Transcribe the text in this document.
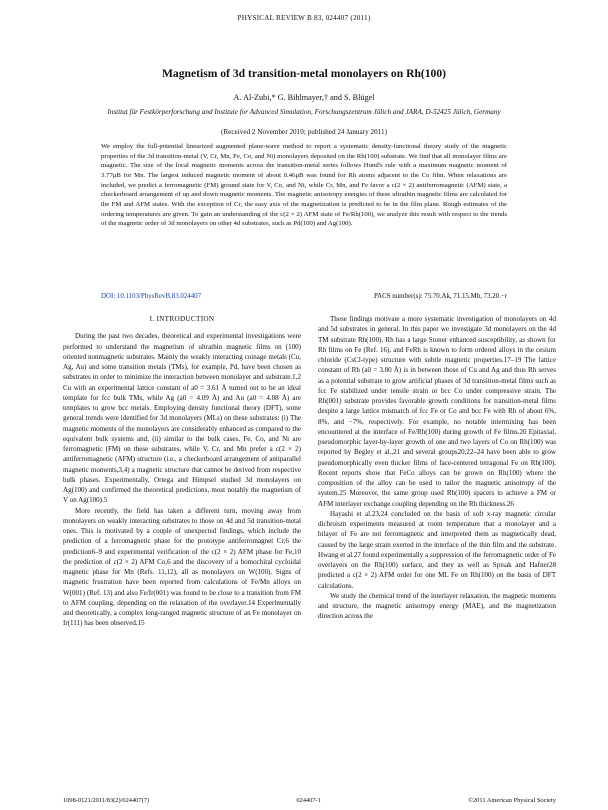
PHYSICAL REVIEW B 83, 024407 (2011)
Magnetism of 3d transition-metal monolayers on Rh(100)
A. Al-Zubi,* G. Bihlmayer,† and S. Blügel
Institut für Festkörperforschung and Institute for Advanced Simulation, Forschungszentrum Jülich and JARA, D-52425 Jülich, Germany
(Received 2 November 2010; published 24 January 2011)
We employ the full-potential linearized augmented plane-wave method to report a systematic density-functional theory study of the magnetic properties of the 3d transition-metal (V, Cr, Mn, Fe, Co, and Ni) monolayers deposited on the Rh(100) substrate. We find that all monolayer films are magnetic. The size of the local magnetic moments across the transition-metal series follows Hund's rule with a maximum magnetic moment of 3.77μB for Mn. The largest induced magnetic moment of about 0.46μB was found for Rh atoms adjacent to the Co film. When relaxations are included, we predict a ferromagnetic (FM) ground state for V, Co, and Ni, while Cr, Mn, and Fe favor a c(2 × 2) antiferromagnetic (AFM) state, a checkerboard arrangement of up and down magnetic moments. The magnetic anisotropy energies of these ultrathin magnetic films are calculated for the FM and AFM states. With the exception of Cr, the easy axis of the magnetization is predicted to be in the film plane. Rough estimates of the ordering temperatures are given. To gain an understanding of the c(2 × 2) AFM state of Fe/Rh(100), we analyze this result with respect to the trends of the magnetic order of 3d monolayers on other 4d substrates, such as Pd(100) and Ag(100).
DOI: 10.1103/PhysRevB.83.024407	PACS number(s): 75.70.Ak, 71.15.Mb, 73.20.−r
I. INTRODUCTION

During the past two decades, theoretical and experimental investigations were performed to understand the magnetism of ultrathin magnetic films on (100) oriented nonmagnetic substrates. Mainly the weakly interacting coinage metals (Cu, Ag, Au) and some transition metals (TMs), for example, Pd, have been chosen as substrates in order to minimize the interaction between monolayer and substrate.1,2 Cu with an experimental lattice constant of a0 = 3.61 Å turned out to be an ideal template for fcc bulk TMs, while Ag (a0 = 4.09 Å) and Au (a0 = 4.08 Å) are templates to grow bcc metals. Employing density functional theory (DFT), some general trends were identified for 3d monolayers (MLs) on these substrates: (i) The magnetic moments of the monolayers are considerably enhanced as compared to the equivalent bulk systems and, (ii) similar to the bulk cases, Fe, Co, and Ni are ferromagnetic (FM) on these substrates, while V, Cr, and Mn prefer a c(2 × 2) antiferromagnetic (AFM) structure (i.e., a checkerboard arrangement of antiparallel magnetic moments,3,4) a magnetic structure that cannot be derived from respective bulk phases. Experimentally, Ortega and Himpsel studied 3d monolayers on Ag(100) and confirmed the theoretical predictions, most notably the magnetism of V on Ag(100).5

More recently, the field has taken a different turn, moving away from monolayers on weakly interacting substrates to those on 4d and 5d transition-metal ones. This is motivated by a couple of unexpected findings, which include the prediction of a ferromagnetic phase for the prototype antiferromagnet Cr,6 the prediction6–9 and experimental verification of the c(2 × 2) AFM phase for Fe,10 the prediction of c(2 × 2) AFM Co,6 and the discovery of a homochiral cycloidal magnetic phase for Mn (Refs. 11,12), all as monolayers on W(100). Signs of magnetic frustration have been reported from calculations of Fe/Mn alloys on W(001) (Ref. 13) and also Fe/Ir(001) was found to be close to a transition from FM to AFM coupling, depending on the relaxation of the overlayer.14 Experimentally and theoretically, a complex long-ranged magnetic structure of an Fe monolayer on Ir(111) has been observed.15

These findings motivate a more systematic investigation of monolayers on 4d and 5d substrates in general. In this paper we investigate 3d monolayers on the 4d TM substrate Rh(100). Rh has a large Stoner enhanced susceptibility, as shown for Rh films on Fe (Ref. 16), and FeRh is known to form ordered alloys in the cesium chloride (CsCl-type) structure with subtle magnetic properties.17–19 The lattice constant of Rh (a0 = 3.80 Å) is in between those of Cu and Ag and thus Rh serves as a potential substrate to grow artificial phases of 3d transition-metal films such as fcc Fe stabilized under tensile strain or bcc Co under compressive strain. The Rh(001) substrate provides favorable growth conditions for transition-metal films despite a large lattice mismatch of fcc Fe or Co and bcc Fe with Rh of about 6%, 8%, and −7%, respectively. For example, no notable intermixing has been encountered at the interface of Fe/Rh(100) during growth of Fe films.20 Epitaxial, pseudomorphic layer-by-layer growth of one and two layers of Co on Rh(100) was reported by Begley et al.,21 and several groups20,22–24 have been able to grow pseudomorphically even thicker films of face-centered tetragonal Fe on Rh(100). Recent reports show that FeCo alloys can be grown on Rh(100) where the composition of the alloy can be used to tailor the magnetic anisotropy of the system.25 Moreover, the same group used Rh(100) spacers to achieve a FM or AFM interlayer exchange coupling depending on the Rh thickness.26

Hayashi et al.23,24 concluded on the basis of soft x-ray magnetic circular dichroism experiments measured at room temperature that a monolayer and a bilayer of Fe are not ferromagnetic and interpreted them as magnetically dead, caused by the large strain exerted in the interface of the thin film and the substrate. Hwang et al.27 found experimentally a suppression of the ferromagnetic order of Fe overlayers on the Rh(100) surface, and they as well as Spisak and Hafner28 predicted a c(2 × 2) AFM order for one ML Fe on Rh(100) on the basis of DFT calculations.

We study the chemical trend of the interlayer relaxation, the magnetic moments and structure, the magnetic anisotropy energy (MAE), and the magnetization direction across the

1098-0121/2011/83(2)/024407(7)	024407-1	©2011 American Physical Society
